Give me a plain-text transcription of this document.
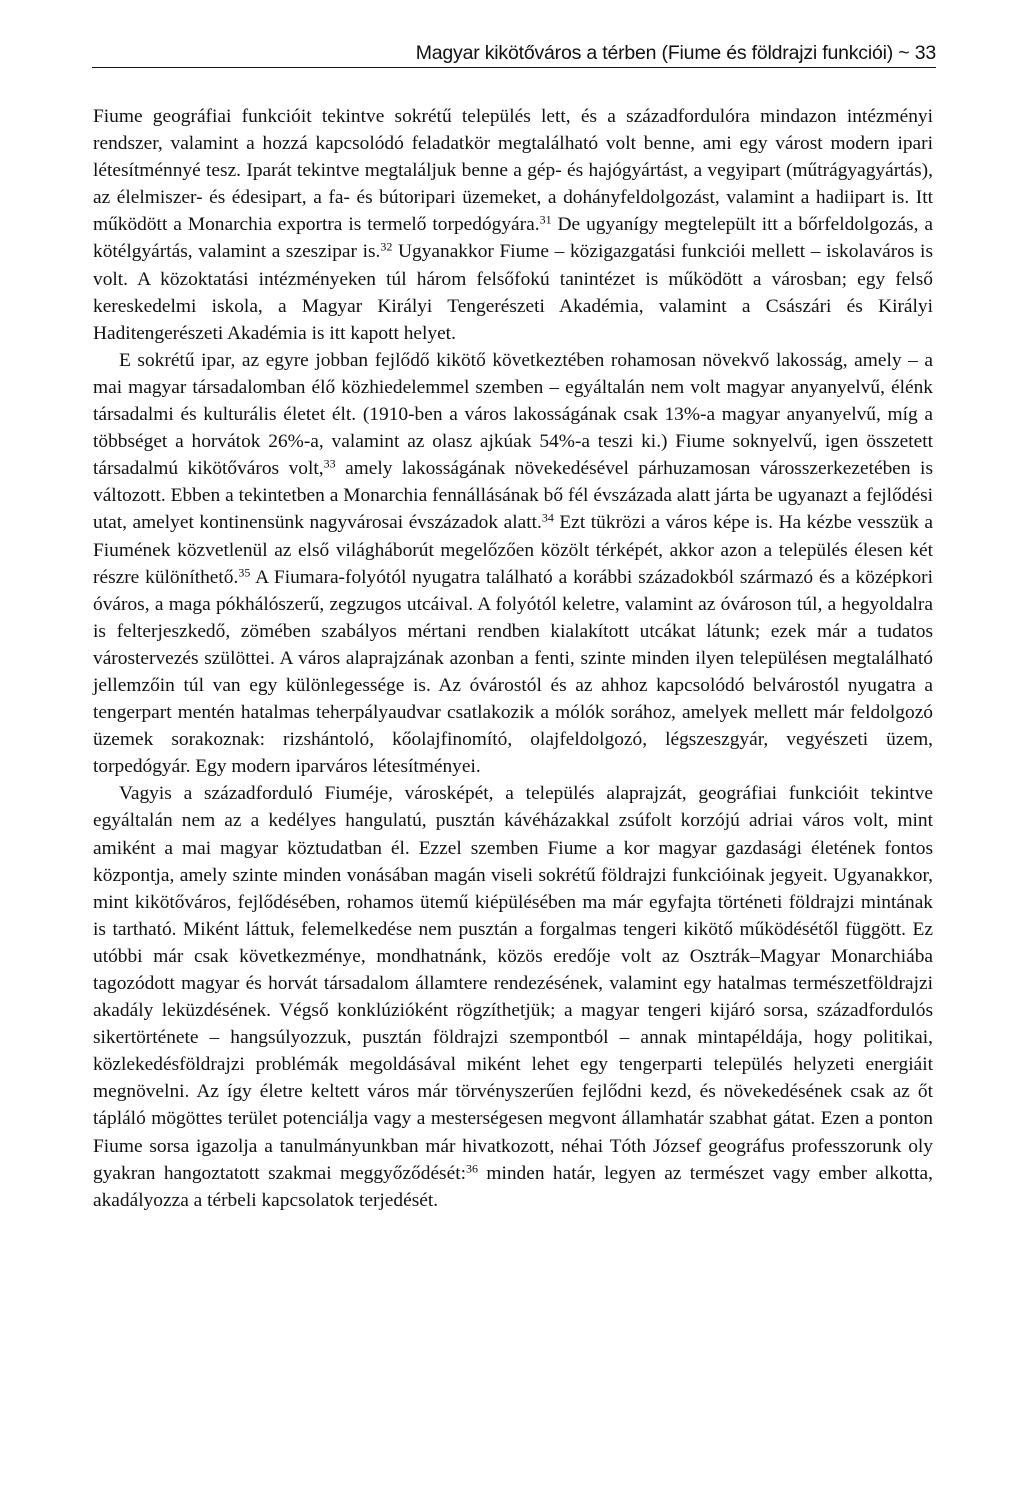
Magyar kikötőváros a térben (Fiume és földrajzi funkciói) ~ 33

Fiume geográfiai funkcióit tekintve sokrétű település lett, és a századfordulóra mindazon intézményi rendszer, valamint a hozzá kapcsolódó feladatkör megtalálható volt benne, ami egy várost modern ipari létesítménnyé tesz. Iparát tekintve megtaláljuk benne a gép- és hajógyártást, a vegyipart (műtrágyagyártás), az élelmiszer- és édesipart, a fa- és bútoripari üzemeket, a dohányfeldolgozást, valamint a hadiipart is. Itt működött a Monarchia exportra is termelő torpedógyára.$^{31}$ De ugyanígy megtelepült itt a bőrfeldolgozás, a kötélgyártás, valamint a szeszipar is.$^{32}$ Ugyanakkor Fiume – közigazgatási funkciói mellett – iskolaváros is volt. A közoktatási intézményeken túl három felsőfokú tanintézet is működött a városban; egy felső kereskedelmi iskola, a Magyar Királyi Tengerészeti Akadémia, valamint a Császári és Királyi Haditengerészeti Akadémia is itt kapott helyet.

E sokrétű ipar, az egyre jobban fejlődő kikötő következtében rohamosan növekvő lakosság, amely – a mai magyar társadalomban élő közhiedelemmel szemben – egyáltalán nem volt magyar anyanyelvű, élénk társadalmi és kulturális életet élt. (1910-ben a város lakosságának csak 13%-a magyar anyanyelvű, míg a többséget a horvátok 26%-a, valamint az olasz ajkúak 54%-a teszi ki.) Fiume soknyelvű, igen összetett társadalmú kikötőváros volt,$^{33}$ amely lakosságának növekedésével párhuzamosan városszerkezetében is változott. Ebben a tekintetben a Monarchia fennállásának bő fél évszázada alatt járta be ugyanazt a fejlődési utat, amelyet kontinensünk nagyvárosai évszázadok alatt.$^{34}$ Ezt tükrözi a város képe is. Ha kézbe vesszük a Fiumének közvetlenül az első világháborút megelőzően közölt térképét, akkor azon a település élesen két részre különíthető.$^{35}$ A Fiumara-folyótól nyugatra található a korábbi századokból származó és a középkori óváros, a maga pókhálószerű, zegzugos utcáival. A folyótól keletre, valamint az óvároson túl, a hegyoldalra is felterjeszkedő, zömében szabályos mértani rendben kialakított utcákat látunk; ezek már a tudatos várostervezés szülöttei. A város alaprajzának azonban a fenti, szinte minden ilyen településen megtalálható jellemzőin túl van egy különlegessége is. Az óvárostól és az ahhoz kapcsolódó belvárostól nyugatra a tengerpart mentén hatalmas teherpályaudvar csatlakozik a mólók sorához, amelyek mellett már feldolgozó üzemek sorakoznak: rizshántoló, kőolajfinomító, olajfeldolgozó, légszeszgyár, vegyészeti üzem, torpedógyár. Egy modern iparváros létesítményei.

Vagyis a századforduló Fiuméje, városképét, a település alaprajzát, geográfiai funkcióit tekintve egyáltalán nem az a kedélyes hangulatú, pusztán kávéházakkal zsúfolt korzójú adriai város volt, mint amiként a mai magyar köztudatban él. Ezzel szemben Fiume a kor magyar gazdasági életének fontos központja, amely szinte minden vonásában magán viseli sokrétű földrajzi funkcióinak jegyeit. Ugyanakkor, mint kikötőváros, fejlődésében, rohamos ütemű kiépülésében ma már egyfajta történeti földrajzi mintának is tartható. Miként láttuk, felemelkedése nem pusztán a forgalmas tengeri kikötő működésétől függött. Ez utóbbi már csak következménye, mondhatnánk, közös eredője volt az Osztrák–Magyar Monarchiába tagozódott magyar és horvát társadalom államtere rendezésének, valamint egy hatalmas természetföldrajzi akadály leküzdésének. Végső konklúzióként rögzíthetjük; a magyar tengeri kijáró sorsa, századfordulós sikertörténete – hangsúlyozzuk, pusztán földrajzi szempontból – annak mintapéldája, hogy politikai, közlekedésföldrajzi problémák megoldásával miként lehet egy tengerparti település helyzeti energiáit megnövelni. Az így életre keltett város már törvényszerűen fejlődni kezd, és növekedésének csak az őt tápláló mögöttes terület potenciálja vagy a mesterségesen megvont államhatár szabhat gátat. Ezen a ponton Fiume sorsa igazolja a tanulmányunkban már hivatkozott, néhai Tóth József geográfus professzorunk oly gyakran hangoztatott szakmai meggyőződését:$^{36}$ minden határ, legyen az természet vagy ember alkotta, akadályozza a térbeli kapcsolatok terjedését.
